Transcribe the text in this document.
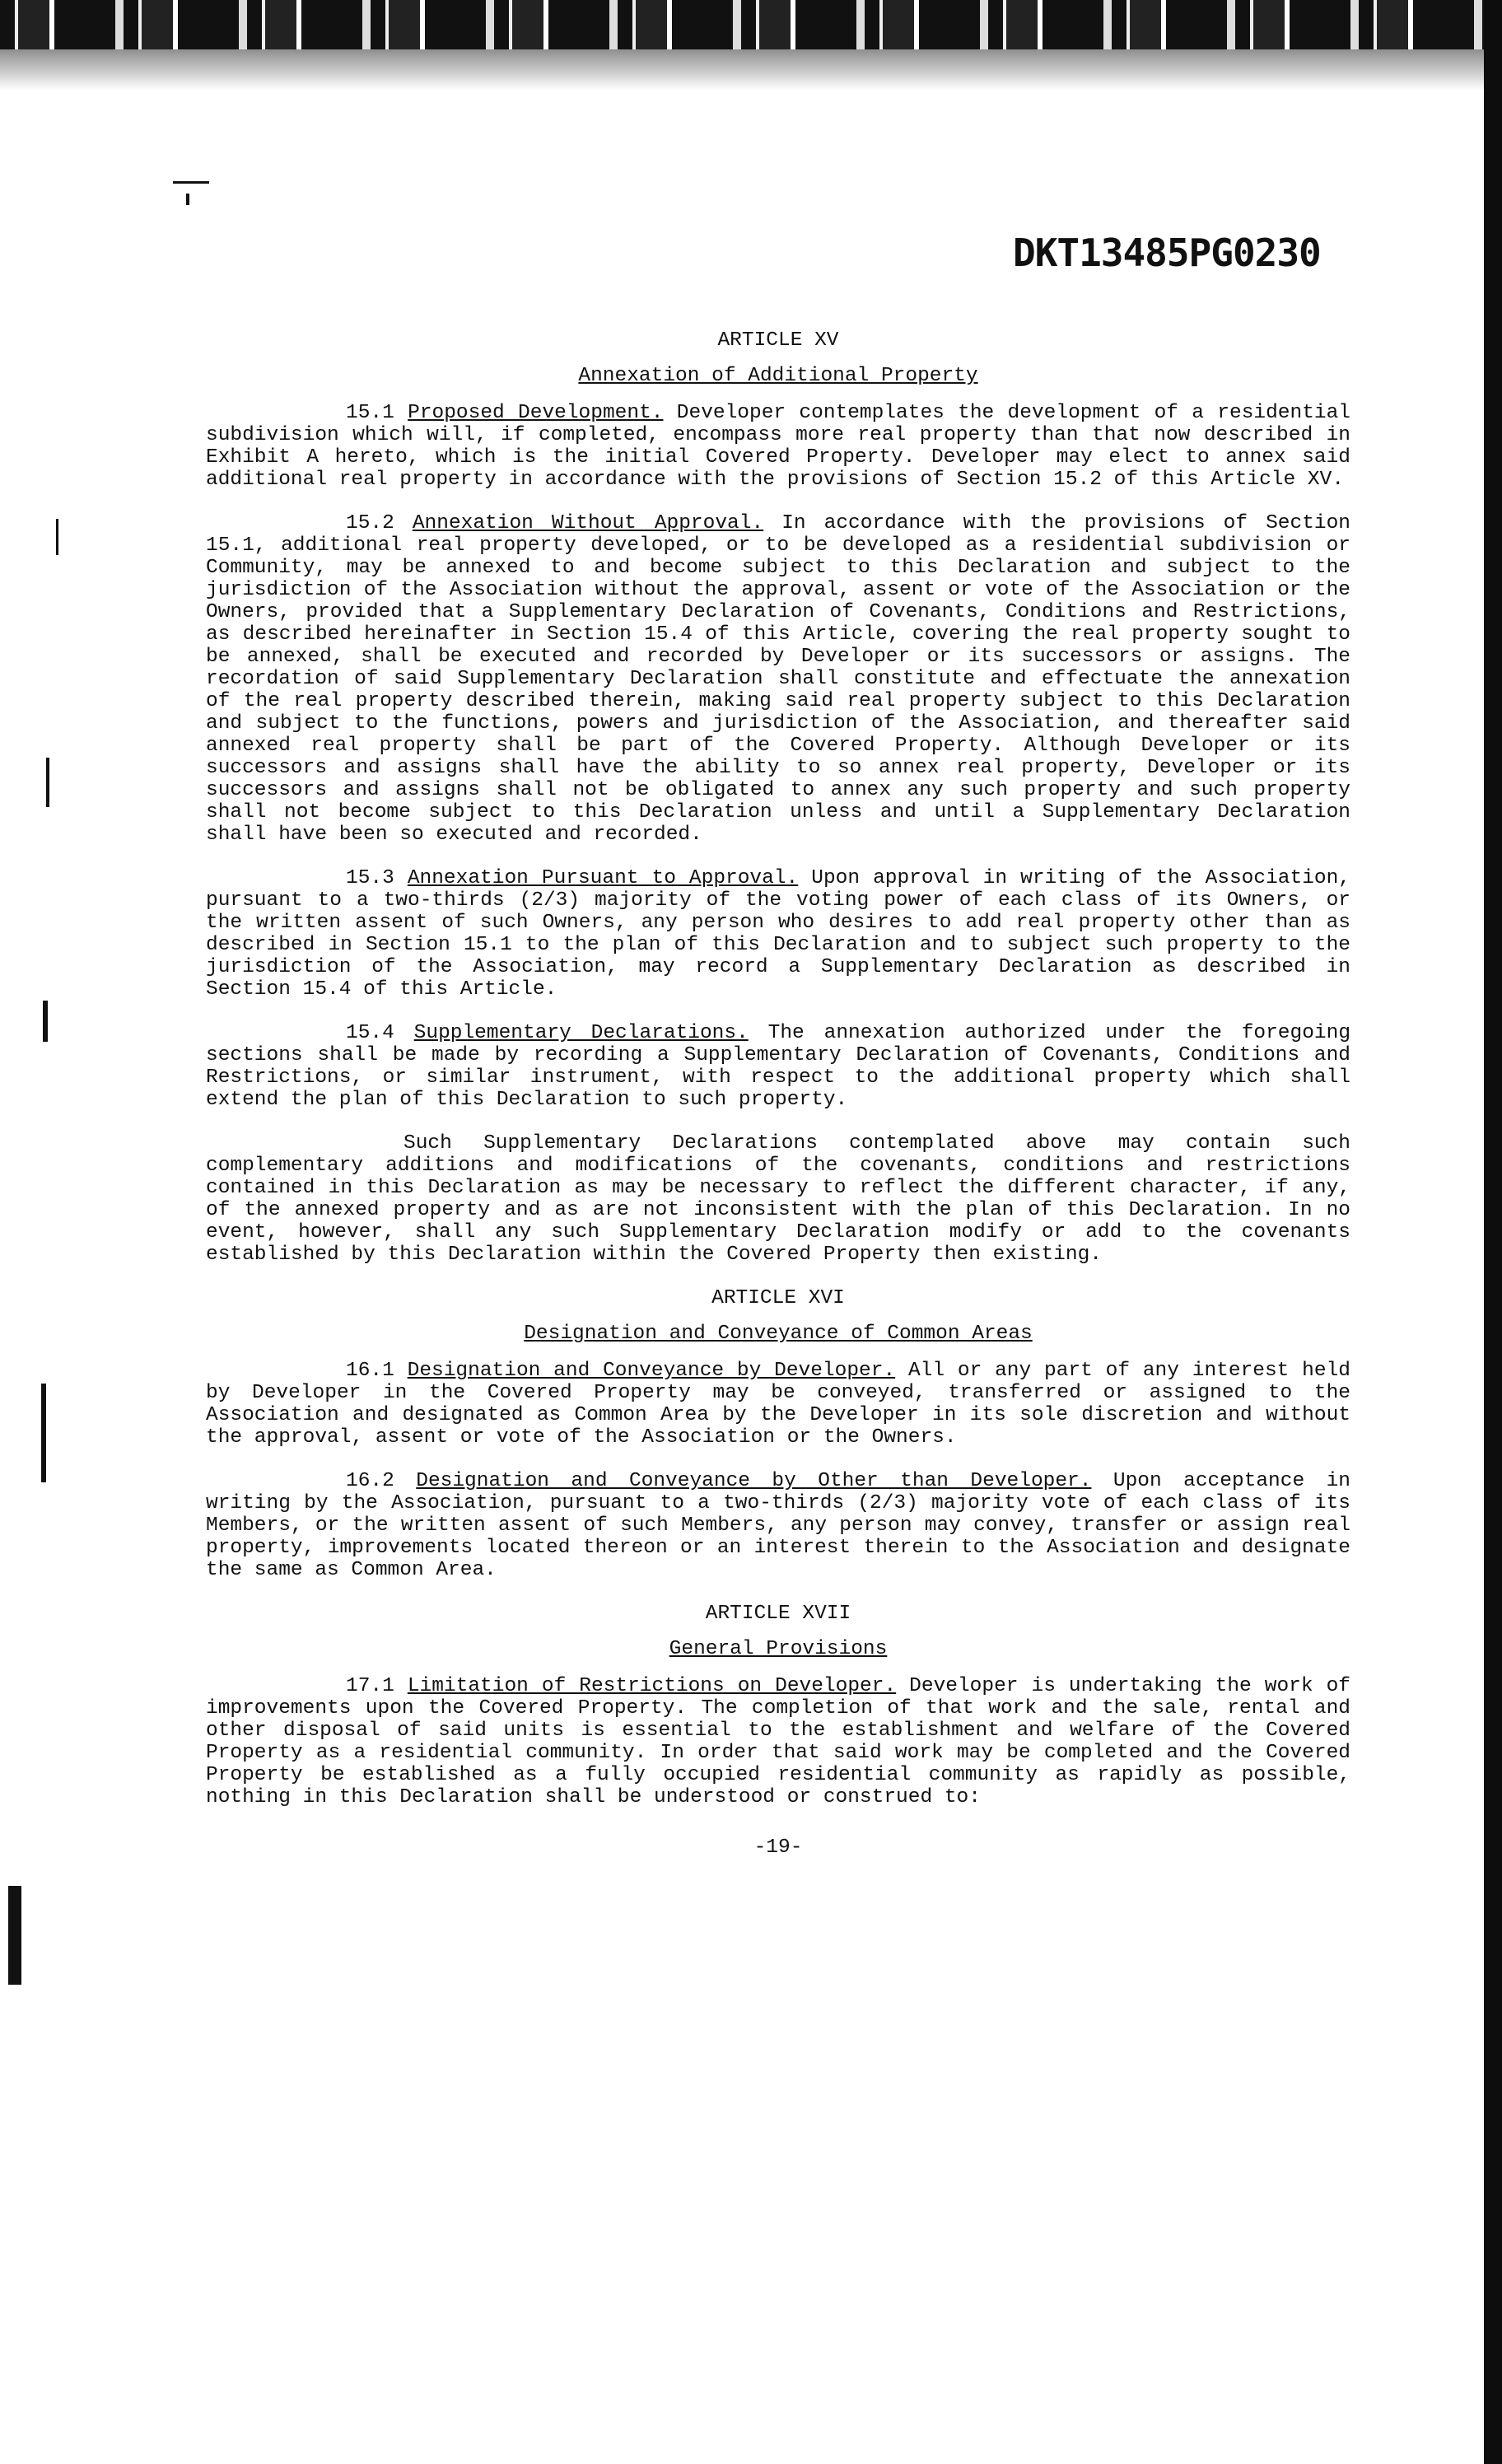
DKT13485PG0230
ARTICLE XV
Annexation of Additional Property

15.1 Proposed Development. Developer contemplates the development of a residential subdivision which will, if completed, encompass more real property than that now described in Exhibit A hereto, which is the initial Covered Property. Developer may elect to annex said additional real property in accordance with the provisions of Section 15.2 of this Article XV.

15.2 Annexation Without Approval. In accordance with the provisions of Section 15.1, additional real property developed, or to be developed as a residential subdivision or Community, may be annexed to and become subject to this Declaration and subject to the jurisdiction of the Association without the approval, assent or vote of the Association or the Owners, provided that a Supplementary Declaration of Covenants, Conditions and Restrictions, as described hereinafter in Section 15.4 of this Article, covering the real property sought to be annexed, shall be executed and recorded by Developer or its successors or assigns. The recordation of said Supplementary Declaration shall constitute and effectuate the annexation of the real property described therein, making said real property subject to this Declaration and subject to the functions, powers and jurisdiction of the Association, and thereafter said annexed real property shall be part of the Covered Property. Although Developer or its successors and assigns shall have the ability to so annex real property, Developer or its successors and assigns shall not be obligated to annex any such property and such property shall not become subject to this Declaration unless and until a Supplementary Declaration shall have been so executed and recorded.

15.3 Annexation Pursuant to Approval. Upon approval in writing of the Association, pursuant to a two-thirds (2/3) majority of the voting power of each class of its Owners, or the written assent of such Owners, any person who desires to add real property other than as described in Section 15.1 to the plan of this Declaration and to subject such property to the jurisdiction of the Association, may record a Supplementary Declaration as described in Section 15.4 of this Article.

15.4 Supplementary Declarations. The annexation authorized under the foregoing sections shall be made by recording a Supplementary Declaration of Covenants, Conditions and Restrictions, or similar instrument, with respect to the additional property which shall extend the plan of this Declaration to such property.

Such Supplementary Declarations contemplated above may contain such complementary additions and modifications of the covenants, conditions and restrictions contained in this Declaration as may be necessary to reflect the different character, if any, of the annexed property and as are not inconsistent with the plan of this Declaration. In no event, however, shall any such Supplementary Declaration modify or add to the covenants established by this Declaration within the Covered Property then existing.

ARTICLE XVI
Designation and Conveyance of Common Areas

16.1 Designation and Conveyance by Developer. All or any part of any interest held by Developer in the Covered Property may be conveyed, transferred or assigned to the Association and designated as Common Area by the Developer in its sole discretion and without the approval, assent or vote of the Association or the Owners.

16.2 Designation and Conveyance by Other than Developer. Upon acceptance in writing by the Association, pursuant to a two-thirds (2/3) majority vote of each class of its Members, or the written assent of such Members, any person may convey, transfer or assign real property, improvements located thereon or an interest therein to the Association and designate the same as Common Area.

ARTICLE XVII
General Provisions

17.1 Limitation of Restrictions on Developer. Developer is undertaking the work of improvements upon the Covered Property. The completion of that work and the sale, rental and other disposal of said units is essential to the establishment and welfare of the Covered Property as a residential community. In order that said work may be completed and the Covered Property be established as a fully occupied residential community as rapidly as possible, nothing in this Declaration shall be understood or construed to:

-19-
